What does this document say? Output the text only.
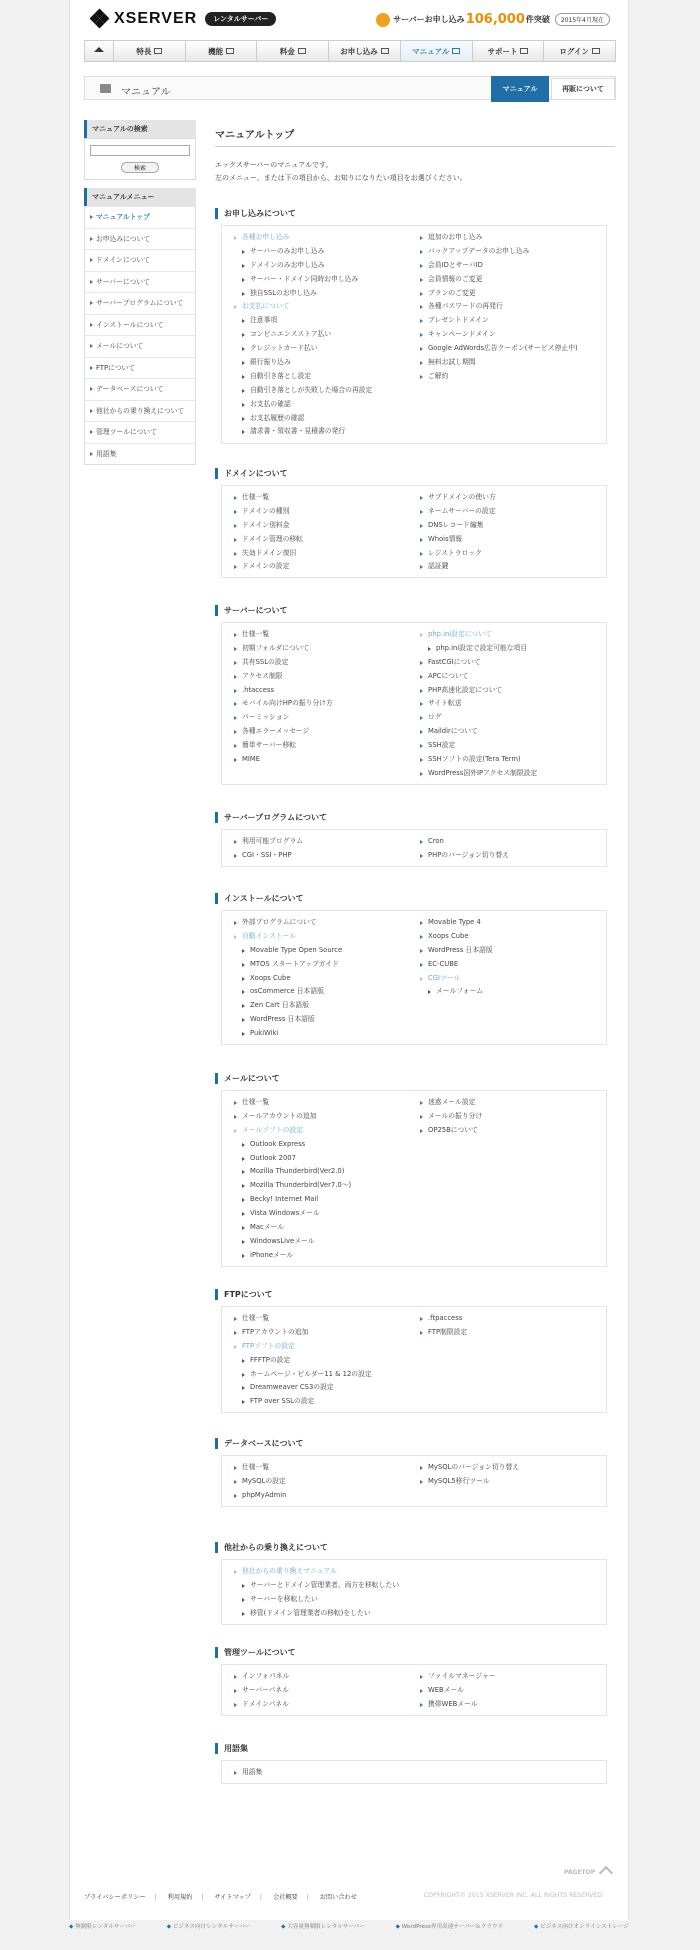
XSERVER	レンタルサーバー	サーバーお申し込み 106,000 件突破	2015年4月現在
特長	機能	料金	お申し込み	マニュアル	サポート	ログイン
マニュアル	マニュアル	再販について
マニュアルの検索
検索
マニュアルメニュー
マニュアルトップ
お申込みについて
ドメインについて
サーバーについて
サーバープログラムについて
インストールについて
メールについて
FTPについて
データベースについて
他社からの乗り換えについて
管理ツールについて
用語集
マニュアルトップ
エックスサーバーのマニュアルです。
左のメニュー、または下の項目から、お知りになりたい項目をお選びください。
お申し込みについて
各種お申し込み
サーバーのみお申し込み
ドメインのみお申し込み
サーバー・ドメイン同時お申し込み
独自SSLのお申し込み
お支払について
注意事項
コンビニエンスストア払い
クレジットカード払い
銀行振り込み
自動引き落とし設定
自動引き落としが失敗した場合の再設定
お支払の確認
お支払履歴の確認
請求書・領収書・見積書の発行
追加のお申し込み
バックアップデータのお申し込み
会員IDとサーバID
会員情報のご変更
プランのご変更
各種パスワードの再発行
プレゼントドメイン
キャンペーンドメイン
Google AdWords広告クーポン(サービス停止中)
無料お試し期間
ご解約
ドメインについて
仕様一覧
ドメインの種別
ドメイン別料金
ドメイン管理の移転
失効ドメイン復旧
ドメインの設定
サブドメインの使い方
ネームサーバーの設定
DNSレコード編集
Whois情報
レジストラロック
認証鍵
サーバーについて
仕様一覧
初期フォルダについて
共有SSLの設定
アクセス制限
.htaccess
モバイル向けHPの振り分け方
パーミッション
各種エラーメッセージ
簡単サーバー移転
MIME
php.ini設定について
php.ini設定で設定可能な項目
FastCGIについて
APCについて
PHP高速化設定について
サイト転送
ログ
Maildirについて
SSH設定
SSHソフトの設定(Tera Term)
WordPress国外IPアクセス制限設定
サーバープログラムについて
利用可能プログラム
CGI・SSI・PHP
Cron
PHPのバージョン切り替え
インストールについて
外部プログラムについて
自動インストール
Movable Type Open Source
MTOS スタートアップガイド
Xoops Cube
osCommerce 日本語版
Zen Cart 日本語版
WordPress 日本語版
PukiWiki
Movable Type 4
Xoops Cube
WordPress 日本語版
EC-CUBE
CGIツール
メールフォーム
メールについて
仕様一覧
メールアカウントの追加
メールソフトの設定
Outlook Express
Outlook 2007
Mozilla Thunderbird(Ver2.0)
Mozilla Thunderbird(Ver7.0〜)
Becky! Internet Mail
Vista Windowsメール
Macメール
WindowsLiveメール
iPhoneメール
迷惑メール設定
メールの振り分け
OP25Bについて
FTPについて
仕様一覧
FTPアカウントの追加
FTPソフトの設定
FFFTPの設定
ホームページ・ビルダー11 & 12の設定
Dreamweaver CS3の設定
FTP over SSLの設定
.ftpaccess
FTP制限設定
データベースについて
仕様一覧
MySQLの設定
phpMyAdmin
MySQLのバージョン切り替え
MySQL5移行ツール
他社からの乗り換えについて
他社からの乗り換えマニュアル
サーバーとドメイン管理業者、両方を移転したい
サーバーを移転したい
移管(ドメイン管理業者の移転)をしたい
管理ツールについて
インフォパネル
サーバーパネル
ドメインパネル
ファイルマネージャー
WEBメール
携帯WEBメール
用語集
用語集
PAGETOP
プライバシーポリシー | 利用規約 | サイトマップ | 会社概要 | お問い合わせ	COPYRIGHT© 2015 XSERVER INC. ALL RIGHTS RESERVED.
◆ 無制限レンタルサーバー	◆ ビジネス向けレンタルサーバー	◆ 大容量無制限レンタルサーバー	◆ WordPress専用高速サーバー＆クラウド	◆ ビジネス向けオンラインストレージ
